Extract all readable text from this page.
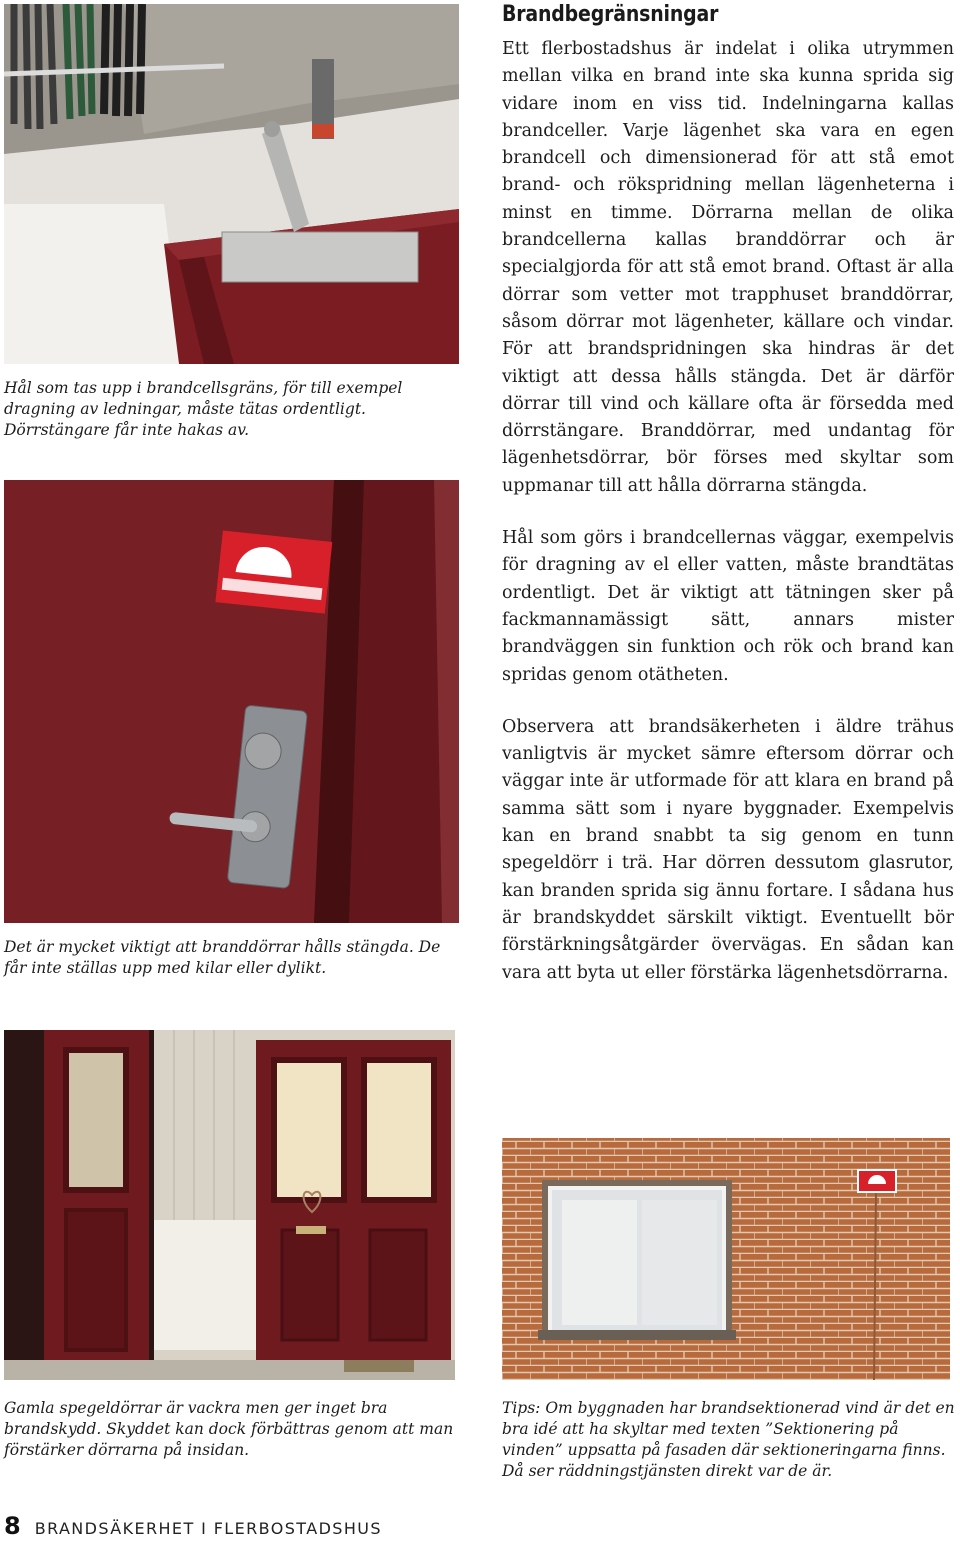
Hål som tas upp i brandcellsgräns, för till exempel dragning av ledningar, måste tätas ordentligt. Dörrstängare får inte hakas av.

Det är mycket viktigt att branddörrar hålls stängda. De får inte ställas upp med kilar eller dylikt.

Gamla spegeldörrar är vackra men ger inget bra brandskydd. Skyddet kan dock förbättras genom att man förstärker dörrarna på insidan.

Tips: Om byggnaden har brandsektionerad vind är det en bra idé att ha skyltar med texten ”Sektionering på vinden” uppsatta på fasaden där sektioneringarna finns. Då ser räddningstjänsten direkt var de är.

Brandbegränsningar

Ett flerbostadshus är indelat i olika utrymmen mellan vilka en brand inte ska kunna sprida sig vidare inom en viss tid. Indelningarna kallas brandceller. Varje lägenhet ska vara en egen brandcell och dimensionerad för att stå emot brand- och rökspridning mellan lägenheterna i minst en timme. Dörrarna mellan de olika brandcellerna kallas branddörrar och är specialgjorda för att stå emot brand. Oftast är alla dörrar som vetter mot trapphuset branddörrar, såsom dörrar mot lägenheter, källare och vindar. För att brandspridningen ska hindras är det viktigt att dessa hålls stängda. Det är därför dörrar till vind och källare ofta är försedda med dörrstängare. Branddörrar, med undantag för lägenhetsdörrar, bör förses med skyltar som uppmanar till att hålla dörrarna stängda.

Hål som görs i brandcellernas väggar, exempelvis för dragning av el eller vatten, måste brandtätas ordentligt. Det är viktigt att tätningen sker på fackmannamässigt sätt, annars mister brandväggen sin funktion och rök och brand kan spridas genom otätheten.

Observera att brandsäkerheten i äldre trähus vanligtvis är mycket sämre eftersom dörrar och väggar inte är utformade för att klara en brand på samma sätt som i nyare byggnader. Exempelvis kan en brand snabbt ta sig genom en tunn spegeldörr i trä. Har dörren dessutom glasrutor, kan branden sprida sig ännu fortare. I sådana hus är brandskyddet särskilt viktigt. Eventuellt bör förstärkningsåtgärder övervägas. En sådan kan vara att byta ut eller förstärka lägenhetsdörrarna.

8 BRANDSÄKERHET I FLERBOSTADSHUS
